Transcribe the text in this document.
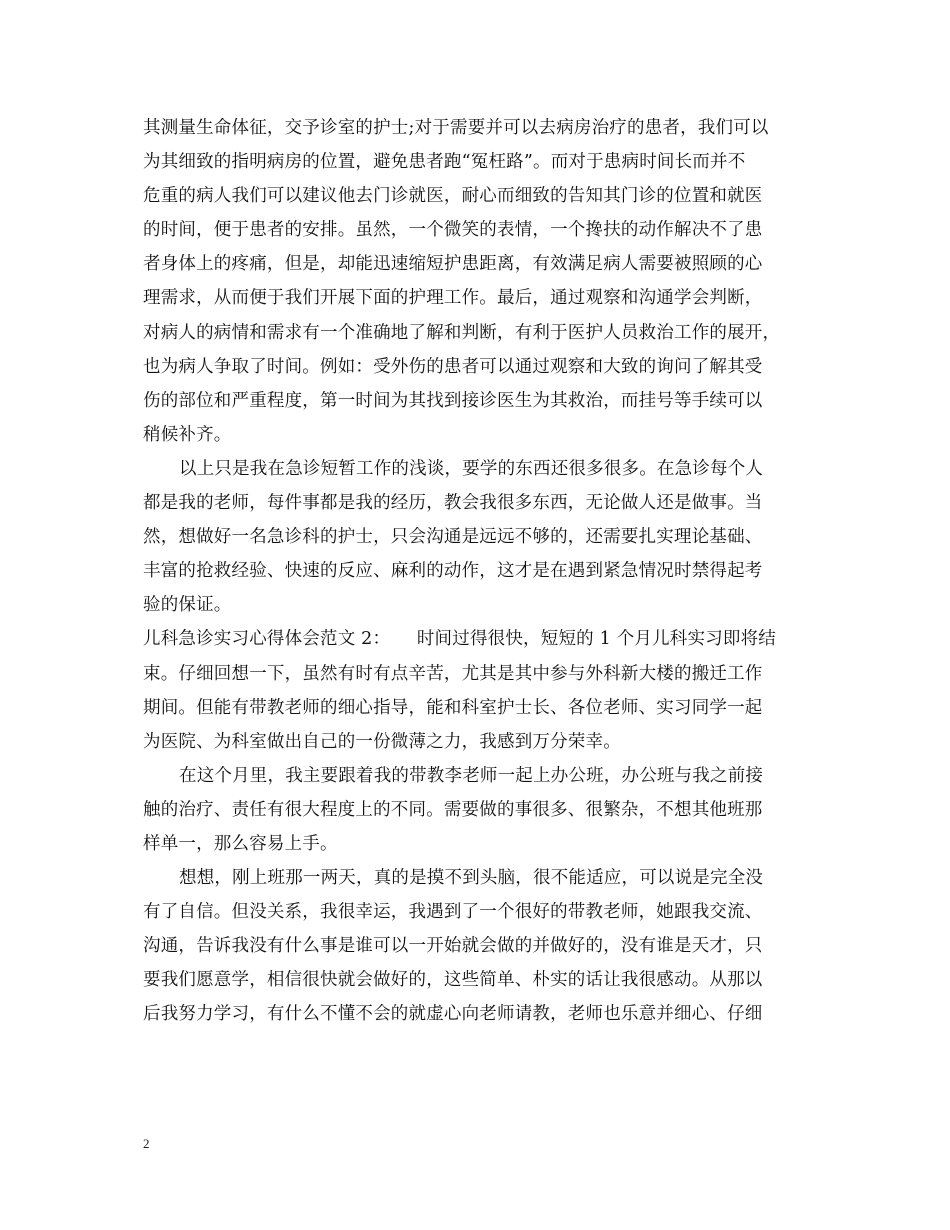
其测量生命体征，交予诊室的护士;对于需要并可以去病房治疗的患者，我们可以
为其细致的指明病房的位置，避免患者跑“冤枉路”。而对于患病时间长而并不
危重的病人我们可以建议他去门诊就医，耐心而细致的告知其门诊的位置和就医
的时间，便于患者的安排。虽然，一个微笑的表情，一个搀扶的动作解决不了患
者身体上的疼痛，但是，却能迅速缩短护患距离，有效满足病人需要被照顾的心
理需求，从而便于我们开展下面的护理工作。最后，通过观察和沟通学会判断，
对病人的病情和需求有一个准确地了解和判断，有利于医护人员救治工作的展开，
也为病人争取了时间。例如：受外伤的患者可以通过观察和大致的询问了解其受
伤的部位和严重程度，第一时间为其找到接诊医生为其救治，而挂号等手续可以
稍候补齐。
以上只是我在急诊短暂工作的浅谈，要学的东西还很多很多。在急诊每个人
都是我的老师，每件事都是我的经历，教会我很多东西，无论做人还是做事。当
然，想做好一名急诊科的护士，只会沟通是远远不够的，还需要扎实理论基础、
丰富的抢救经验、快速的反应、麻利的动作，这才是在遇到紧急情况时禁得起考
验的保证。
儿科急诊实习心得体会范文 2：　　时间过得很快，短短的 1 个月儿科实习即将结
束。仔细回想一下，虽然有时有点辛苦，尤其是其中参与外科新大楼的搬迁工作
期间。但能有带教老师的细心指导，能和科室护士长、各位老师、实习同学一起
为医院、为科室做出自己的一份微薄之力，我感到万分荣幸。
在这个月里，我主要跟着我的带教李老师一起上办公班，办公班与我之前接
触的治疗、责任有很大程度上的不同。需要做的事很多、很繁杂，不想其他班那
样单一，那么容易上手。
想想，刚上班那一两天，真的是摸不到头脑，很不能适应，可以说是完全没
有了自信。但没关系，我很幸运，我遇到了一个很好的带教老师，她跟我交流、
沟通，告诉我没有什么事是谁可以一开始就会做的并做好的，没有谁是天才，只
要我们愿意学，相信很快就会做好的，这些简单、朴实的话让我很感动。从那以
后我努力学习，有什么不懂不会的就虚心向老师请教，老师也乐意并细心、仔细
2
